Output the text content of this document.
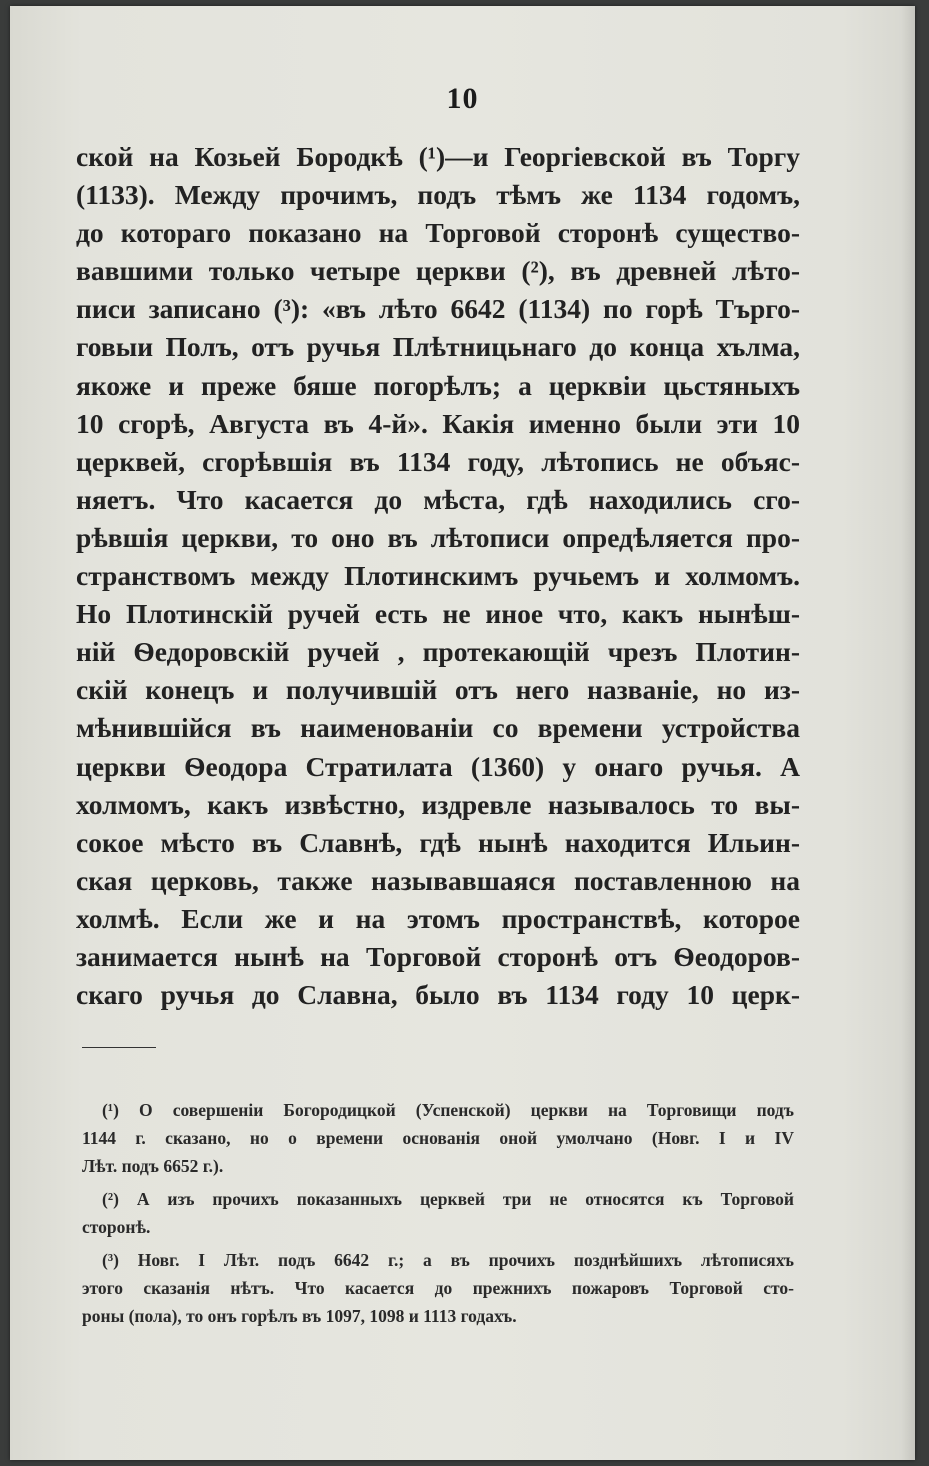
10
ской на Козьей Бородкѣ (¹)—и Георгіевской въ Торгу
(1133). Между прочимъ, подъ тѣмъ же 1134 годомъ,
до котораго показано на Торговой сторонѣ существо-
вавшими только четыре церкви (²), въ древней лѣто-
писи записано (³): «въ лѣто 6642 (1134) по горѣ Търго-
говыи Полъ, отъ ручья Плѣтницьнаго до конца хълма,
якоже и преже бяше погорѣлъ; а церквіи цьстяныхъ
10 сгорѣ, Августа въ 4-й». Какія именно были эти 10
церквей, сгорѣвшія въ 1134 году, лѣтопись не объяс-
няетъ. Что касается до мѣста, гдѣ находились сго-
рѣвшія церкви, то оно въ лѣтописи опредѣляется про-
странствомъ между Плотинскимъ ручьемъ и холмомъ.
Но Плотинскій ручей есть не иное что, какъ нынѣш-
ній Ѳедоровскій ручей , протекающій чрезъ Плотин-
скій конецъ и получившій отъ него названіе, но из-
мѣнившійся въ наименованіи со времени устройства
церкви Ѳеодора Стратилата (1360) у онаго ручья. А
холмомъ, какъ извѣстно, издревле называлось то вы-
сокое мѣсто въ Славнѣ, гдѣ нынѣ находится Ильин-
ская церковь, также называвшаяся поставленною на
холмѣ. Если же и на этомъ пространствѣ, которое
занимается нынѣ на Торговой сторонѣ отъ Ѳеодоров-
скаго ручья до Славна, было въ 1134 году 10 церк-
(¹) О совершеніи Богородицкой (Успенской) церкви на Торговищи подъ
1144 г. сказано, но о времени основанія оной умолчано (Новг. I и IV
Лѣт. подъ 6652 г.).
(²) А изъ прочихъ показанныхъ церквей три не относятся къ Торговой
сторонѣ.
(³) Новг. I Лѣт. подъ 6642 г.; а въ прочихъ позднѣйшихъ лѣтописяхъ
этого сказанія нѣтъ. Что касается до прежнихъ пожаровъ Торговой сто-
роны (пола), то онъ горѣлъ въ 1097, 1098 и 1113 годахъ.
